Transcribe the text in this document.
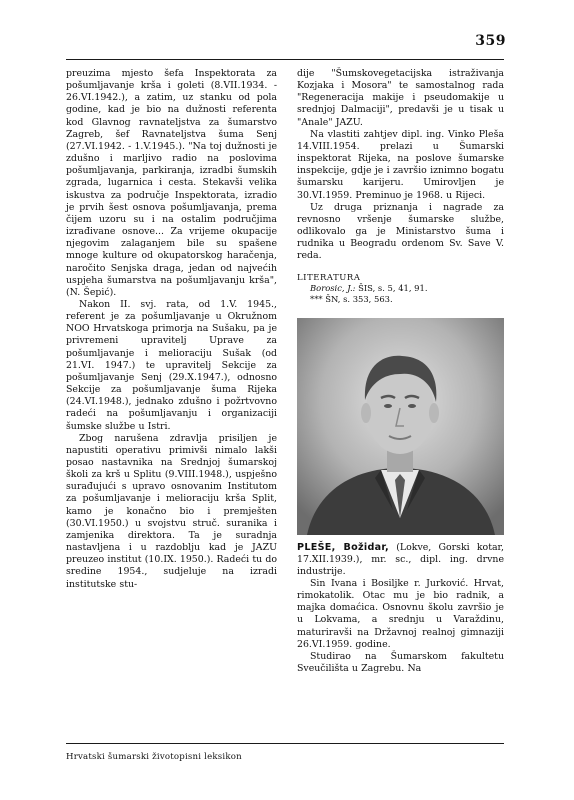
359

preuzima mjesto šefa Inspektorata za pošumljavanje krša i goleti (8.VII.1934. - 26.VI.1942.), a zatim, uz stanku od pola godine, kad je bio na dužnosti referenta kod Glavnog ravnateljstva za šumarstvo Zagreb, šef Ravnateljstva šuma Senj (27.VI.1942. - 1.V.1945.). "Na toj dužnosti je zdušno i marljivo radio na poslovima pošumljavanja, parkiranja, izradbi šumskih zgrada, lugarnica i cesta. Stekavši velika iskustva za područje Inspektorata, izradio je prvih šest osnova pošumljavanja, prema čijem uzoru su i na ostalim područjima izrađivane osnove... Za vrijeme okupacije njegovim zalaganjem bile su spašene mnoge kulture od okupatorskog haračenja, naročito Senjska draga, jedan od najvećih uspjeha šumarstva na pošumljavanju krša", (N. Šepić).

Nakon II. svj. rata, od 1.V. 1945., referent je za pošumljavanje u Okružnom NOO Hrvatskoga primorja na Sušaku, pa je privremeni upravitelj Uprave za pošumljavanje i melioraciju Sušak (od 21.VI. 1947.) te upravitelj Sekcije za pošumljavanje Senj (29.X.1947.), odnosno Sekcije za pošumljavanje šuma Rijeka (24.VI.1948.), jednako zdušno i požrtvovno radeći na pošumljavanju i organizaciji šumske službe u Istri.

Zbog narušena zdravlja prisiljen je napustiti operativu primivši nimalo lakši posao nastavnika na Srednjoj šumarskoj školi za krš u Splitu (9.VIII.1948.), uspješno surađujući s upravo osnovanim Institutom za pošumljavanje i melioraciju krša Split, kamo je konačno bio i premješten (30.VI.1950.) u svojstvu struč. suranika i zamjenika direktora. Ta je suradnja nastavljena i u razdoblju kad je JAZU preuzeo institut (10.IX. 1950.). Radeći tu do sredine 1954., sudjeluje na izradi institutske stu-

dije "Šumskovegetacijska istraživanja Kozjaka i Mosora" te samostalnog rada "Regeneracija makije i pseudomakije u srednjoj Dalmaciji", predavši je u tisak u "Anale" JAZU.

Na vlastiti zahtjev dipl. ing. Vinko Pleša 14.VIII.1954. prelazi u Šumarski inspektorat Rijeka, na poslove šumarske inspekcije, gdje je i završio iznimno bogatu šumarsku karijeru. Umirovljen je 30.VI.1959. Preminuo je 1968. u Rijeci.

Uz druga priznanja i nagrade za revnosno vršenje šumarske službe, odlikovalo ga je Ministarstvo šuma i rudnika u Beogradu ordenom Sv. Save V. reda.

LITERATURA
Borosic, J.: ŠIS, s. 5, 41, 91.
*** ŠN, s. 353, 563.

PLEŠE, Božidar, (Lokve, Gorski kotar, 17.XII.1939.), mr. sc., dipl. ing. drvne industrije.

Sin Ivana i Bosiljke r. Jurković. Hrvat, rimokatolik. Otac mu je bio radnik, a majka domaćica. Osnovnu školu završio je u Lokvama, a srednju u Varaždinu, maturiravši na Državnoj realnoj gimnaziji 26.VI.1959. godine.

Studirao na Šumarskom fakultetu Sveučilišta u Zagrebu. Na

Hrvatski šumarski životopisni leksikon
